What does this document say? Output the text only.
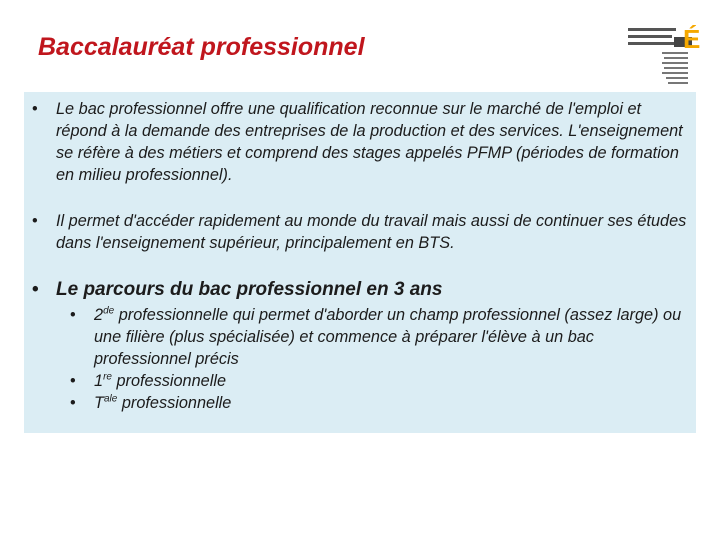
Baccalauréat professionnel	É
•	Le bac professionnel offre une qualification reconnue sur le marché de l'emploi et répond à la demande des entreprises de la production et des services. L'enseignement se réfère à des métiers et comprend des stages appelés PFMP (périodes de formation en milieu professionnel).
•	Il permet d'accéder rapidement au monde du travail mais aussi de continuer ses études dans l'enseignement supérieur, principalement en BTS.
• Le parcours du bac professionnel en 3 ans
•	2de professionnelle qui permet d'aborder un champ professionnel (assez large) ou une filière (plus spécialisée) et commence à préparer l'élève à un bac professionnel précis
•	1re professionnelle
•	$T^{ale}$ professionnelle
